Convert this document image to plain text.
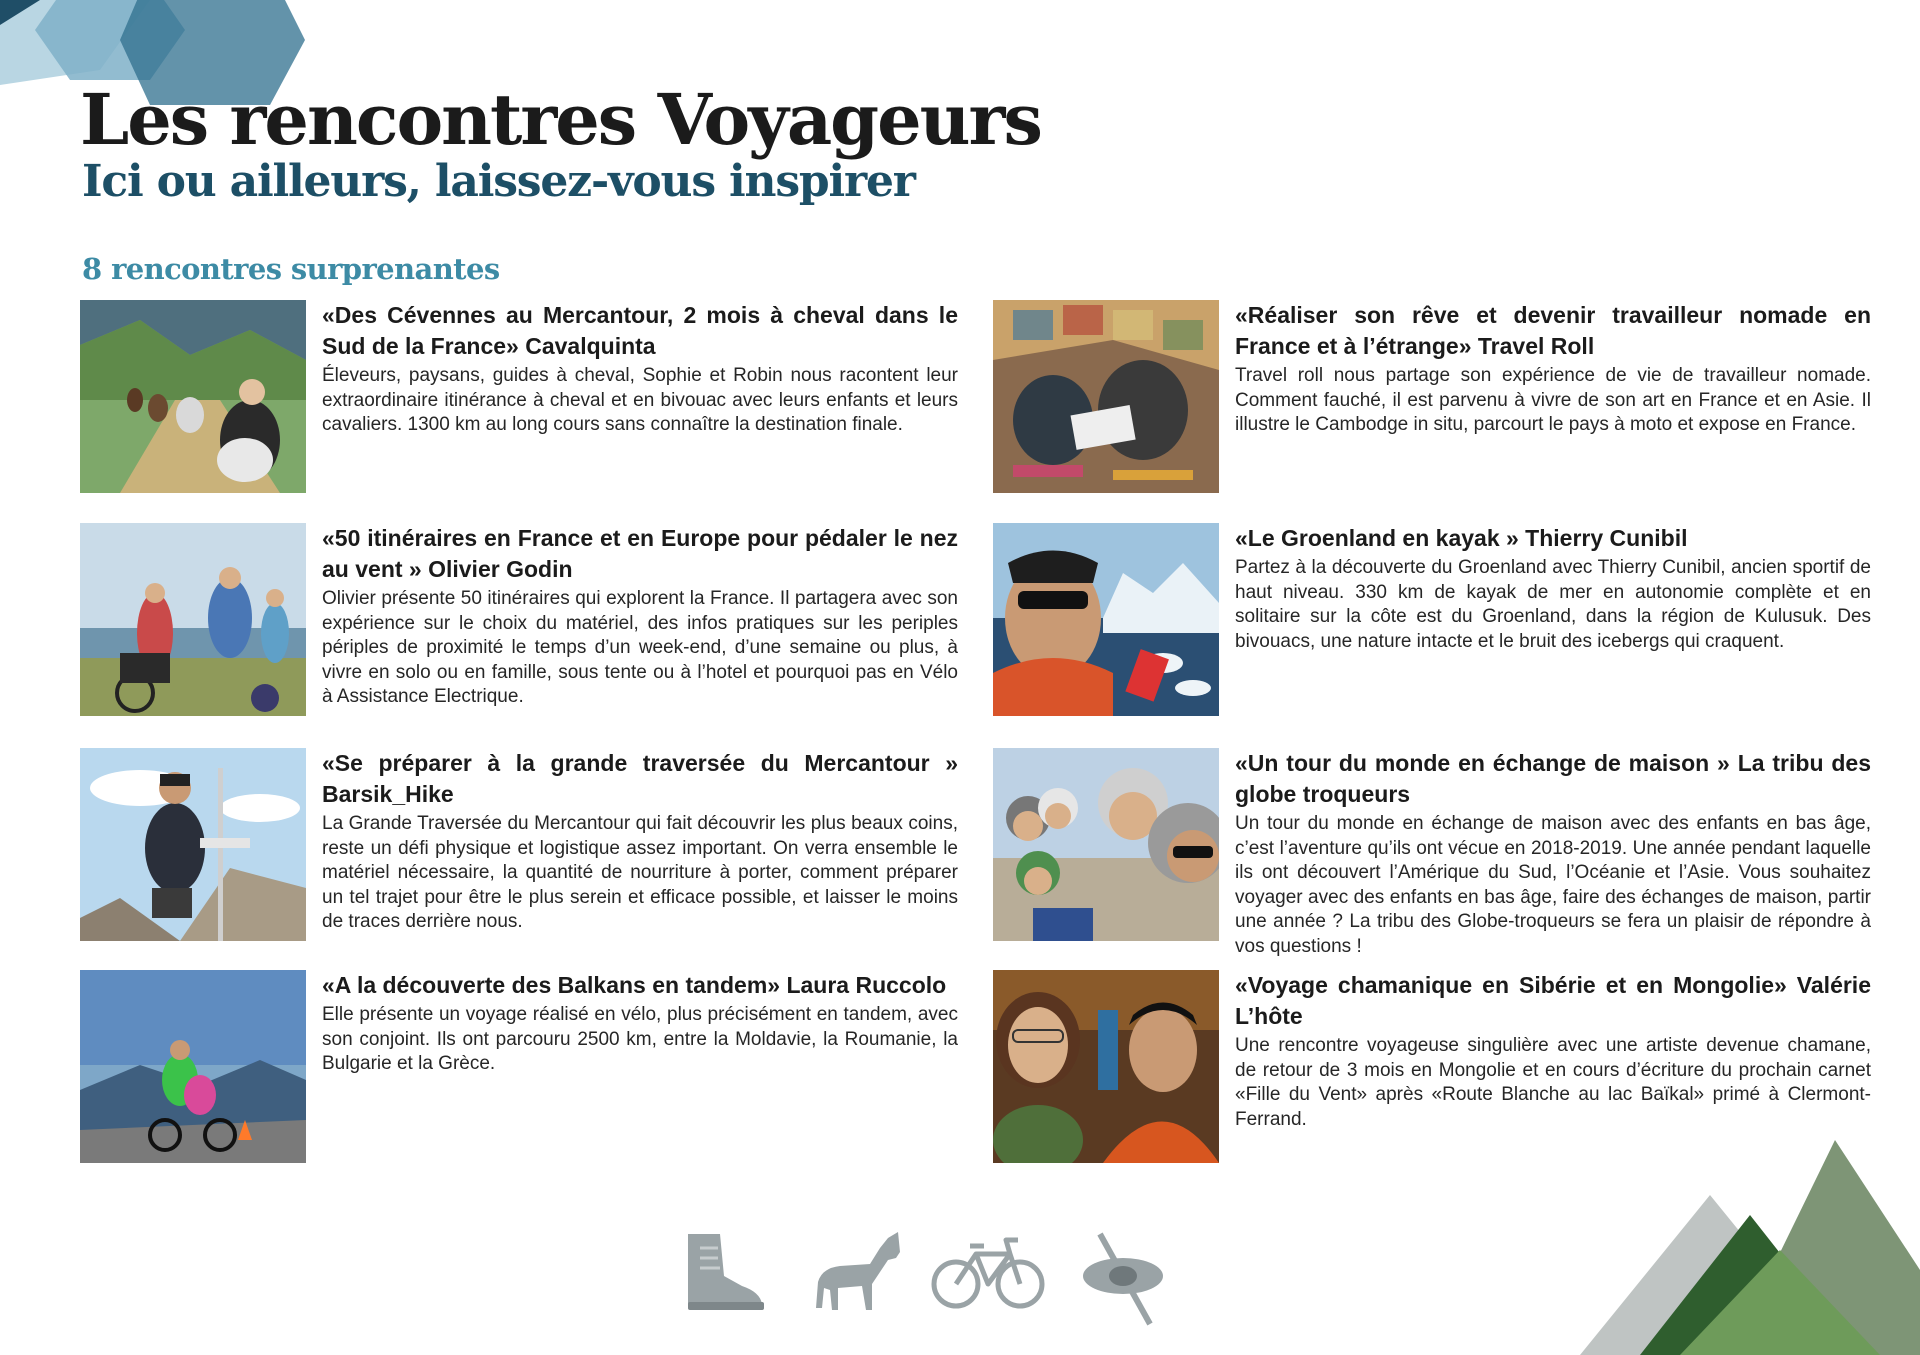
Les rencontres Voyageurs
Ici ou ailleurs, laissez-vous inspirer
8 rencontres surprenantes

«Des Cévennes au Mercantour, 2 mois à cheval dans le Sud de la France» Cavalquinta

Éleveurs, paysans, guides à cheval, Sophie et Robin nous racontent leur extraordinaire itinérance à cheval et en bivouac avec leurs enfants et leurs cavaliers. 1300 km au long cours sans connaître la destination finale.

«Réaliser son rêve et devenir travailleur nomade en France et à l’étrange» Travel Roll

Travel roll nous partage son expérience de vie de travailleur nomade. Comment fauché, il est parvenu à vivre de son art en France et en Asie. Il illustre le Cambodge in situ, parcourt le pays à moto et expose en France.

«50 itinéraires en France et en Europe pour pédaler le nez au vent » Olivier Godin

Olivier présente 50 itinéraires qui explorent la France. Il partagera avec son expérience sur le choix du matériel, des infos pratiques sur les periples périples de proximité le temps d’un week-end, d’une semaine ou plus, à vivre en solo ou en famille, sous tente ou à l’hotel et pourquoi pas en Vélo à Assistance Electrique.

«Le Groenland en kayak » Thierry Cunibil

Partez à la découverte du Groenland avec Thierry Cunibil, ancien sportif de haut niveau. 330 km de kayak de mer en autonomie complète et en solitaire sur la côte est du Groenland, dans la région de Kulusuk. Des bivouacs, une nature intacte et le bruit des icebergs qui craquent.

«Se préparer à la grande traversée du Mercantour » Barsik_Hike

La Grande Traversée du Mercantour qui fait découvrir les plus beaux coins, reste un défi physique et logistique assez important. On verra ensemble le matériel nécessaire, la quantité de nourriture à porter, comment préparer un tel trajet pour être le plus serein et efficace possible, et laisser le moins de traces derrière nous.

«Un tour du monde en échange de maison » La tribu des globe troqueurs

Un tour du monde en échange de maison avec des enfants en bas âge, c’est l’aventure qu’ils ont vécue en 2018-2019. Une année pendant laquelle ils ont découvert l’Amérique du Sud, l’Océanie et l’Asie. Vous souhaitez voyager avec des enfants en bas âge, faire des échanges de maison, partir une année ? La tribu des Globe-troqueurs se fera un plaisir de répondre à vos questions !

«A la découverte des Balkans en tandem» Laura Ruccolo

Elle présente un voyage réalisé en vélo, plus précisément en tandem, avec son conjoint. Ils ont parcouru 2500 km, entre la Moldavie, la Roumanie, la Bulgarie et la Grèce.

«Voyage chamanique en Sibérie et en Mongolie» Valérie L’hôte

Une rencontre voyageuse singulière avec une artiste devenue chamane, de retour de 3 mois en Mongolie et en cours d’écriture du prochain carnet «Fille du Vent» après «Route Blanche au lac Baïkal» primé à Clermont-Ferrand.
